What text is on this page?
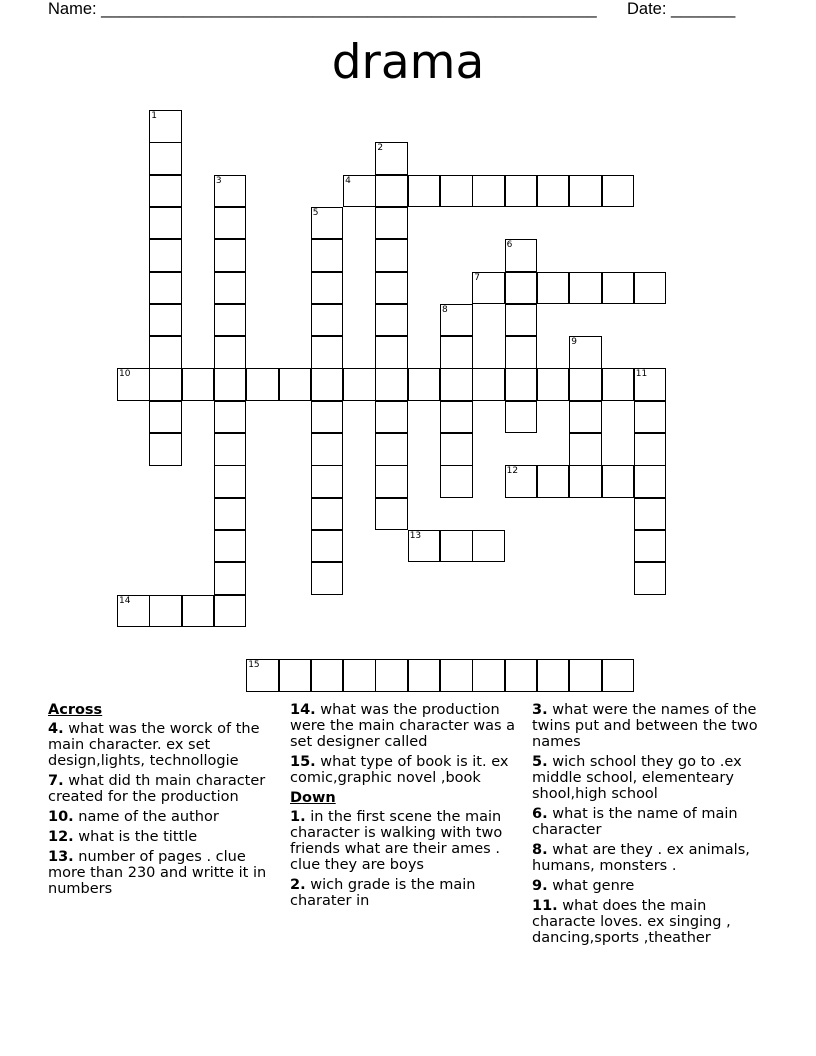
Name: ______________________________________________________ Date: _______
drama
1
2
3	4
5
6
7
8
9
10	11
12
13
14
15
Across
4. what was the worck of the main character. ex set design,lights, technollogie
7. what did th main character created for the production
10. name of the author
12. what is the tittle
13. number of pages . clue more than 230 and writte it in numbers
14. what was the production were the main character was a set designer called
15. what type of book is it. ex comic,graphic novel ,book
Down
1. in the first scene the main character is walking with two friends what are their ames . clue they are boys
2. wich grade is the main charater in
3. what were the names of the twins put and between the two names
5. wich school they go to .ex middle school, elementeary shool,high school
6. what is the name of main character
8. what are they . ex animals, humans, monsters .
9. what genre
11. what does the main characte loves. ex singing , dancing,sports ,theather
